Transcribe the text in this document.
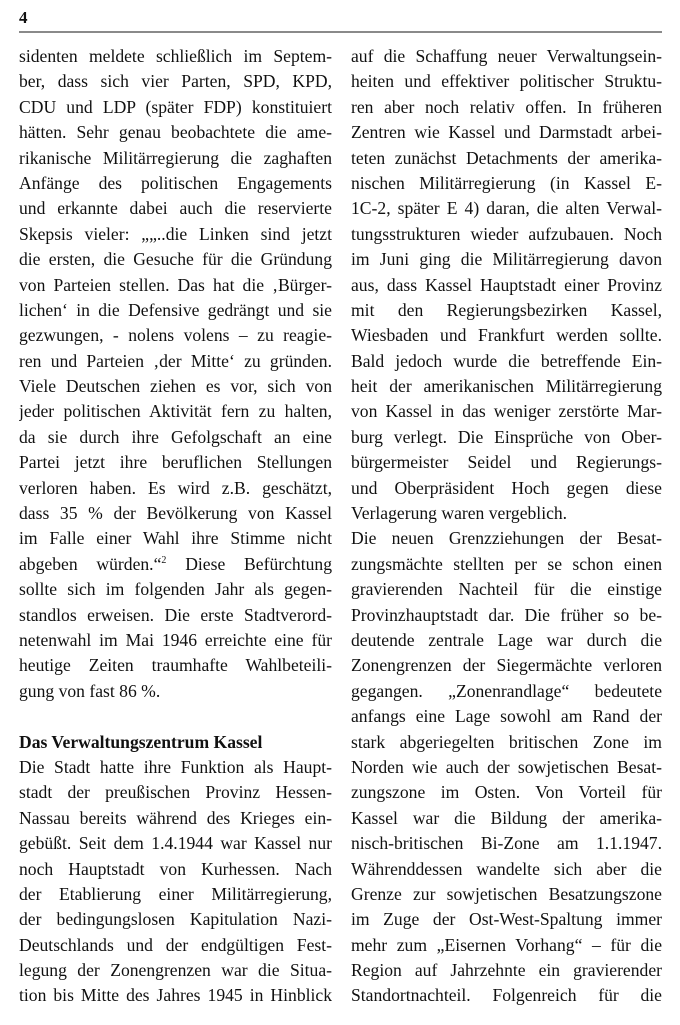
4
sidenten meldete schließlich im Septem-
ber, dass sich vier Parten, SPD, KPD,
CDU und LDP (später FDP) konstituiert
hätten. Sehr genau beobachtete die ame-
rikanische Militärregierung die zaghaften
Anfänge des politischen Engagements
und erkannte dabei auch die reservierte
Skepsis vieler: „„..die Linken sind jetzt
die ersten, die Gesuche für die Gründung
von Parteien stellen. Das hat die ‚Bürger-
lichen‘ in die Defensive gedrängt und sie
gezwungen, - nolens volens – zu reagie-
ren und Parteien ‚der Mitte‘ zu gründen.
Viele Deutschen ziehen es vor, sich von
jeder politischen Aktivität fern zu halten,
da sie durch ihre Gefolgschaft an eine
Partei jetzt ihre beruflichen Stellungen
verloren haben. Es wird z.B. geschätzt,
dass 35 % der Bevölkerung von Kassel
im Falle einer Wahl ihre Stimme nicht
abgeben würden.“$^2$ Diese Befürchtung
sollte sich im folgenden Jahr als gegen-
standlos erweisen. Die erste Stadtverord-
netenwahl im Mai 1946 erreichte eine für
heutige Zeiten traumhafte Wahlbeteili-
gung von fast 86 %.
Das Verwaltungszentrum Kassel
Die Stadt hatte ihre Funktion als Haupt-
stadt der preußischen Provinz Hessen-
Nassau bereits während des Krieges ein-
gebüßt. Seit dem 1.4.1944 war Kassel nur
noch Hauptstadt von Kurhessen. Nach
der Etablierung einer Militärregierung,
der bedingungslosen Kapitulation Nazi-
Deutschlands und der endgültigen Fest-
legung der Zonengrenzen war die Situa-
tion bis Mitte des Jahres 1945 in Hinblick
auf die Schaffung neuer Verwaltungsein-
heiten und effektiver politischer Struktu-
ren aber noch relativ offen. In früheren
Zentren wie Kassel und Darmstadt arbei-
teten zunächst Detachments der amerika-
nischen Militärregierung (in Kassel E-
1C-2, später E 4) daran, die alten Verwal-
tungsstrukturen wieder aufzubauen. Noch
im Juni ging die Militärregierung davon
aus, dass Kassel Hauptstadt einer Provinz
mit den Regierungsbezirken Kassel,
Wiesbaden und Frankfurt werden sollte.
Bald jedoch wurde die betreffende Ein-
heit der amerikanischen Militärregierung
von Kassel in das weniger zerstörte Mar-
burg verlegt. Die Einsprüche von Ober-
bürgermeister Seidel und Regierungs-
und Oberpräsident Hoch gegen diese
Verlagerung waren vergeblich.
Die neuen Grenzziehungen der Besat-
zungsmächte stellten per se schon einen
gravierenden Nachteil für die einstige
Provinzhauptstadt dar. Die früher so be-
deutende zentrale Lage war durch die
Zonengrenzen der Siegermächte verloren
gegangen. „Zonenrandlage“ bedeutete
anfangs eine Lage sowohl am Rand der
stark abgeriegelten britischen Zone im
Norden wie auch der sowjetischen Besat-
zungszone im Osten. Von Vorteil für
Kassel war die Bildung der amerika-
nisch-britischen Bi-Zone am 1.1.1947.
Währenddessen wandelte sich aber die
Grenze zur sowjetischen Besatzungszone
im Zuge der Ost-West-Spaltung immer
mehr zum „Eisernen Vorhang“ – für die
Region auf Jahrzehnte ein gravierender
Standortnachteil. Folgenreich für die
